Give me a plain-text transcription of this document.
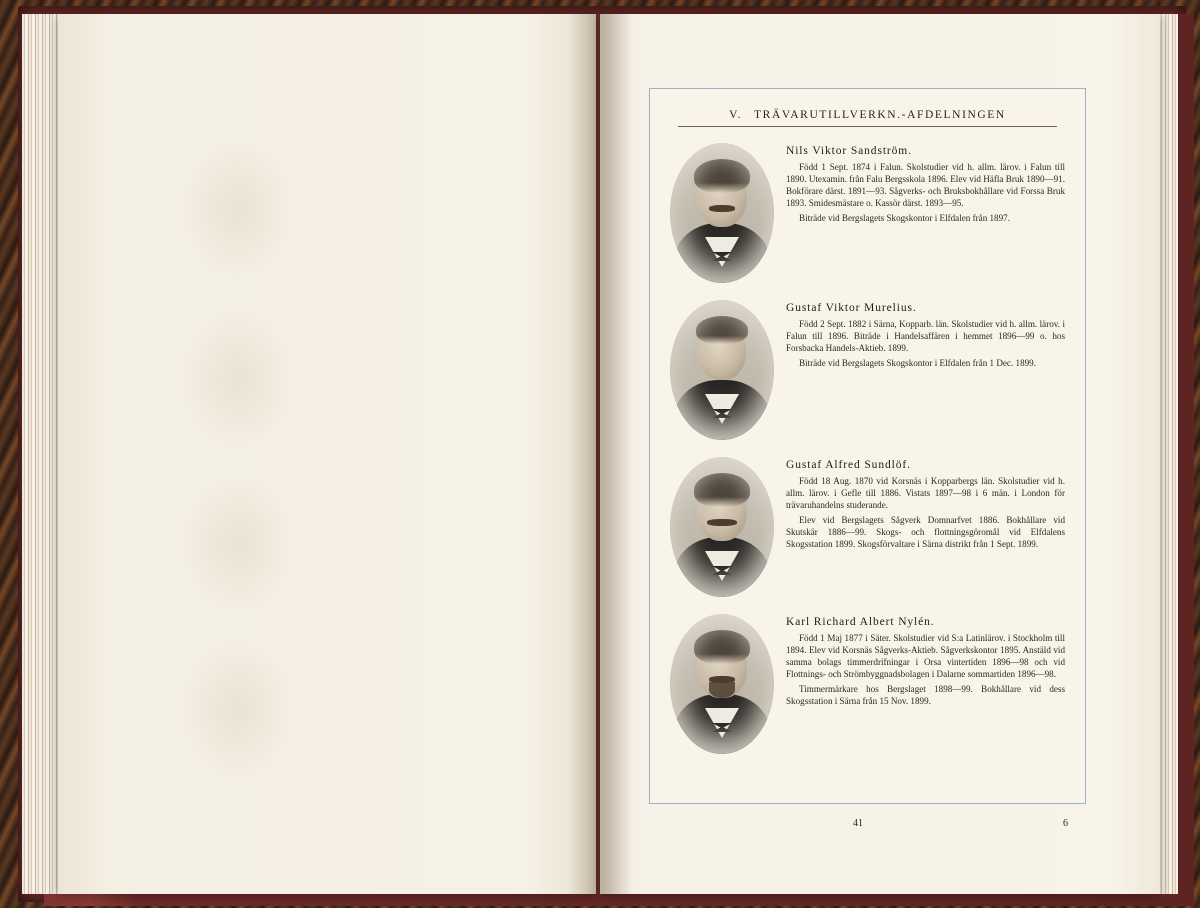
V. TRÄVARUTILLVERKN.-AFDELNINGEN
Nils Viktor Sandström.

Född 1 Sept. 1874 i Falun. Skolstudier vid h. allm. lärov. i Falun till 1890. Utexamin. från Falu Bergsskola 1896. Elev vid Häfla Bruk 1890—91. Bokförare därst. 1891—93. Sågverks- och Bruksbokhållare vid Forssa Bruk 1893. Smidesmästare o. Kassör därst. 1893—95.

Biträde vid Bergslagets Skogskontor i Elfdalen från 1897.

Gustaf Viktor Murelius.

Född 2 Sept. 1882 i Särna, Kopparb. län. Skolstudier vid h. allm. lärov. i Falun till 1896. Biträde i Handelsaffären i hemmet 1896—99 o. hos Forsbacka Handels-Aktieb. 1899.

Biträde vid Bergslagets Skogskontor i Elfdalen från 1 Dec. 1899.

Gustaf Alfred Sundlöf.

Född 18 Aug. 1870 vid Korsnäs i Kopparbergs län. Skolstudier vid h. allm. lärov. i Gefle till 1886. Vistats 1897—98 i 6 män. i London för trävaruhandelns studerande.

Elev vid Bergslagets Sågverk Domnarfvet 1886. Bokhållare vid Skutskär 1886—99. Skogs- och flottningsgöromål vid Elfdalens Skogsstation 1899. Skogsförvaltare i Särna distrikt från 1 Sept. 1899.

Karl Richard Albert Nylén.

Född 1 Maj 1877 i Säter. Skolstudier vid S:a Latinlärov. i Stockholm till 1894. Elev vid Korsnäs Sågverks-Aktieb. Sågverkskontor 1895. Anstäld vid samma bolags timmerdrifningar i Orsa vintertiden 1896—98 och vid Flottnings- och Strömbyggnadsbolagen i Dalarne sommartiden 1896—98.

Timmermärkare hos Bergslaget 1898—99. Bokhållare vid dess Skogsstation i Särna från 15 Nov. 1899.

41	6
